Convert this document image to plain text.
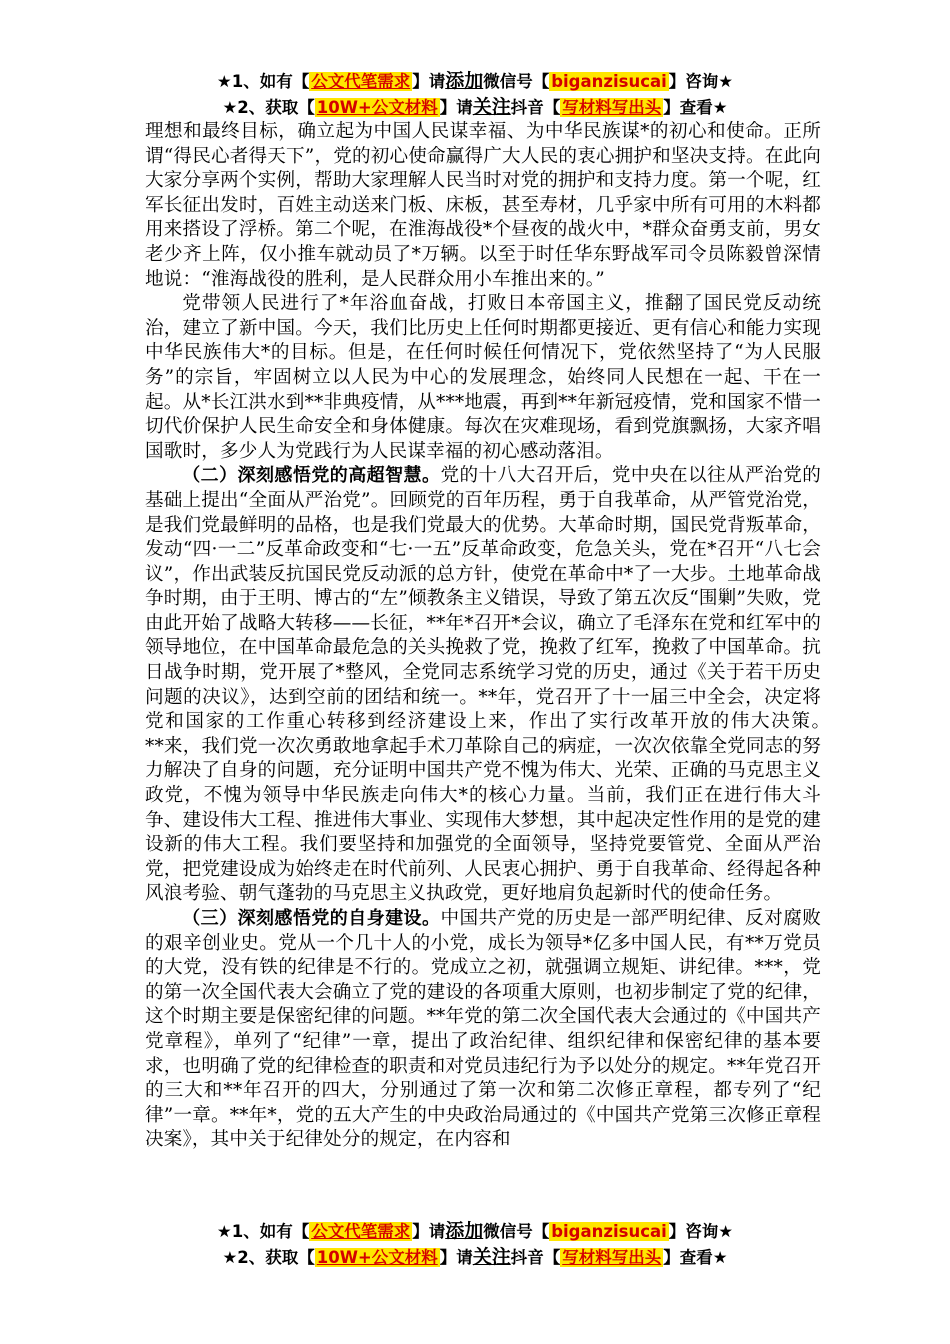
★1、如有【 公文代笔需求 】请添加微信号【 biganzisucai 】咨询★
★2、获取【 10W+公文材料 】请关注抖音【 写材料写出头 】查看★

理想和最终目标，确立起为中国人民谋幸福、为中华民族谋*的初心和使命。正所谓“得民心者得天下”，党的初心使命赢得广大人民的衷心拥护和坚决支持。在此向大家分享两个实例，帮助大家理解人民当时对党的拥护和支持力度。第一个呢，红军长征出发时，百姓主动送来门板、床板，甚至寿材，几乎家中所有可用的木料都用来搭设了浮桥。第二个呢，在淮海战役*个昼夜的战火中，*群众奋勇支前，男女老少齐上阵，仅小推车就动员了*万辆。以至于时任华东野战军司令员陈毅曾深情地说：“淮海战役的胜利，是人民群众用小车推出来的。”

党带领人民进行了*年浴血奋战，打败日本帝国主义，推翻了国民党反动统治，建立了新中国。今天，我们比历史上任何时期都更接近、更有信心和能力实现中华民族伟大*的目标。但是，在任何时候任何情况下，党依然坚持了“为人民服务”的宗旨，牢固树立以人民为中心的发展理念，始终同人民想在一起、干在一起。从*长江洪水到**非典疫情，从***地震，再到**年新冠疫情，党和国家不惜一切代价保护人民生命安全和身体健康。每次在灾难现场，看到党旗飘扬，大家齐唱国歌时，多少人为党践行为人民谋幸福的初心感动落泪。

（二）深刻感悟党的高超智慧。党的十八大召开后，党中央在以往从严治党的基础上提出“全面从严治党”。回顾党的百年历程，勇于自我革命，从严管党治党，是我们党最鲜明的品格，也是我们党最大的优势。大革命时期，国民党背叛革命，发动“四·一二”反革命政变和“七·一五”反革命政变，危急关头，党在*召开“八七会议”，作出武装反抗国民党反动派的总方针，使党在革命中*了一大步。土地革命战争时期，由于王明、博古的“左”倾教条主义错误，导致了第五次反“围剿”失败，党由此开始了战略大转移——长征，**年*召开*会议，确立了毛泽东在党和红军中的领导地位，在中国革命最危急的关头挽救了党，挽救了红军，挽救了中国革命。抗日战争时期，党开展了*整风，全党同志系统学习党的历史，通过《关于若干历史问题的决议》，达到空前的团结和统一。**年，党召开了十一届三中全会，决定将党和国家的工作重心转移到经济建设上来，作出了实行改革开放的伟大决策。　　**来，我们党一次次勇敢地拿起手术刀革除自己的病症，一次次依靠全党同志的努力解决了自身的问题，充分证明中国共产党不愧为伟大、光荣、正确的马克思主义政党，不愧为领导中华民族走向伟大*的核心力量。当前，我们正在进行伟大斗争、建设伟大工程、推进伟大事业、实现伟大梦想，其中起决定性作用的是党的建设新的伟大工程。我们要坚持和加强党的全面领导，坚持党要管党、全面从严治党，把党建设成为始终走在时代前列、人民衷心拥护、勇于自我革命、经得起各种风浪考验、朝气蓬勃的马克思主义执政党，更好地肩负起新时代的使命任务。

（三）深刻感悟党的自身建设。中国共产党的历史是一部严明纪律、反对腐败的艰辛创业史。党从一个几十人的小党，成长为领导*亿多中国人民，有**万党员的大党，没有铁的纪律是不行的。党成立之初，就强调立规矩、讲纪律。***，党的第一次全国代表大会确立了党的建设的各项重大原则，也初步制定了党的纪律，这个时期主要是保密纪律的问题。**年党的第二次全国代表大会通过的《中国共产党章程》，单列了“纪律”一章，提出了政治纪律、组织纪律和保密纪律的基本要求，也明确了党的纪律检查的职责和对党员违纪行为予以处分的规定。**年党召开的三大和**年召开的四大，分别通过了第一次和第二次修正章程，都专列了“纪律”一章。**年*，党的五大产生的中央政治局通过的《中国共产党第三次修正章程决案》，其中关于纪律处分的规定，在内容和

★1、如有【 公文代笔需求 】请添加微信号【 biganzisucai 】咨询★
★2、获取【 10W+公文材料 】请关注抖音【 写材料写出头 】查看★
